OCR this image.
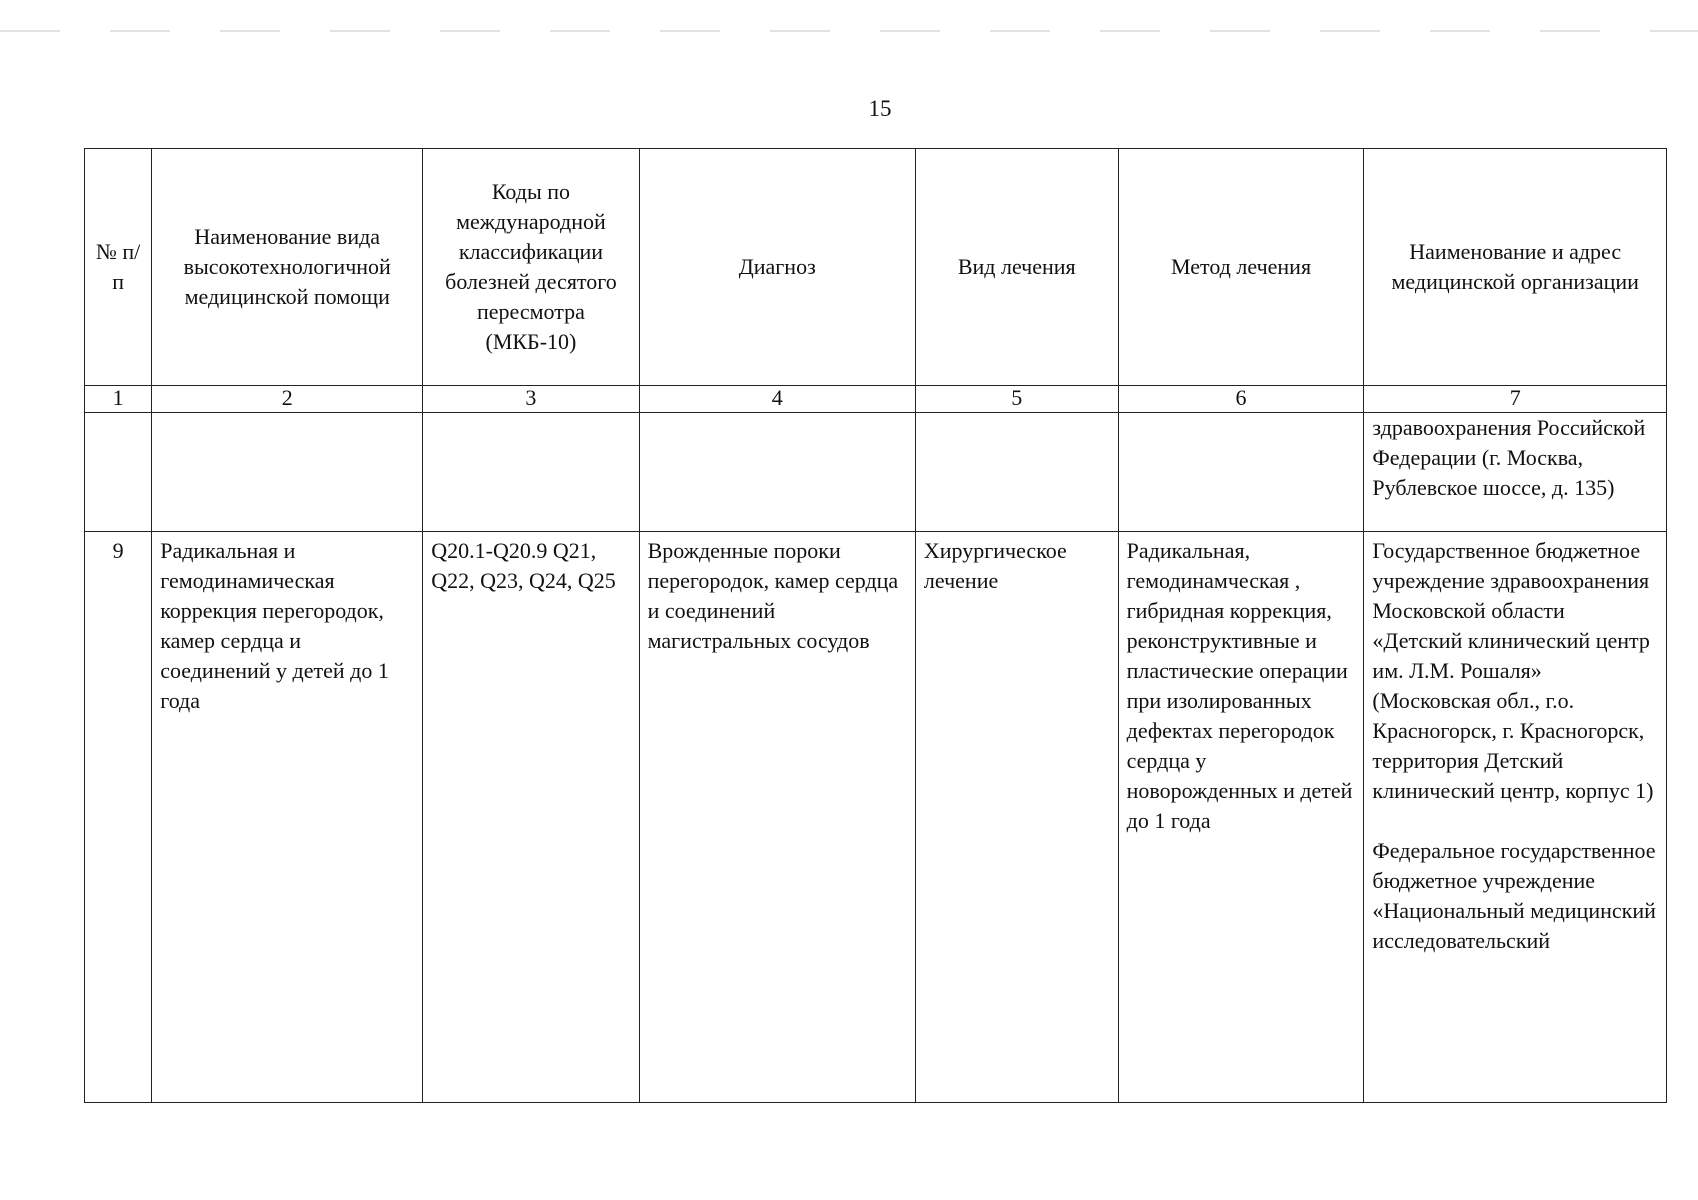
15
№ п/п	Наименование вида высокотехнологичной медицинской помощи	Коды по международной классификации болезней десятого пересмотра (МКБ-10)	Диагноз	Вид лечения	Метод лечения	Наименование и адрес медицинской организации
1	2	3	4	5	6	7
						здравоохранения Российской Федерации (г. Москва, Рублевское шоссе, д. 135)
9	Радикальная и гемодинамическая коррекция перегородок, камер сердца и соединений у детей до 1 года	Q20.1-Q20.9 Q21, Q22, Q23, Q24, Q25	Врожденные пороки перегородок, камер сердца и соединений магистральных сосудов	Хирургическое лечение	Радикальная, гемодинамческая , гибридная коррекция, реконструктивные и пластические операции при изолированных дефектах перегородок сердца у новорожденных и детей до 1 года	Государственное бюджетное учреждение здравоохранения Московской области «Детский клинический центр им. Л.М. Рошаля» (Московская обл., г.о. Красногорск, г. Красногорск, территория Детский клинический центр, корпус 1)
Федеральное государственное бюджетное учреждение «Национальный медицинский исследовательский
